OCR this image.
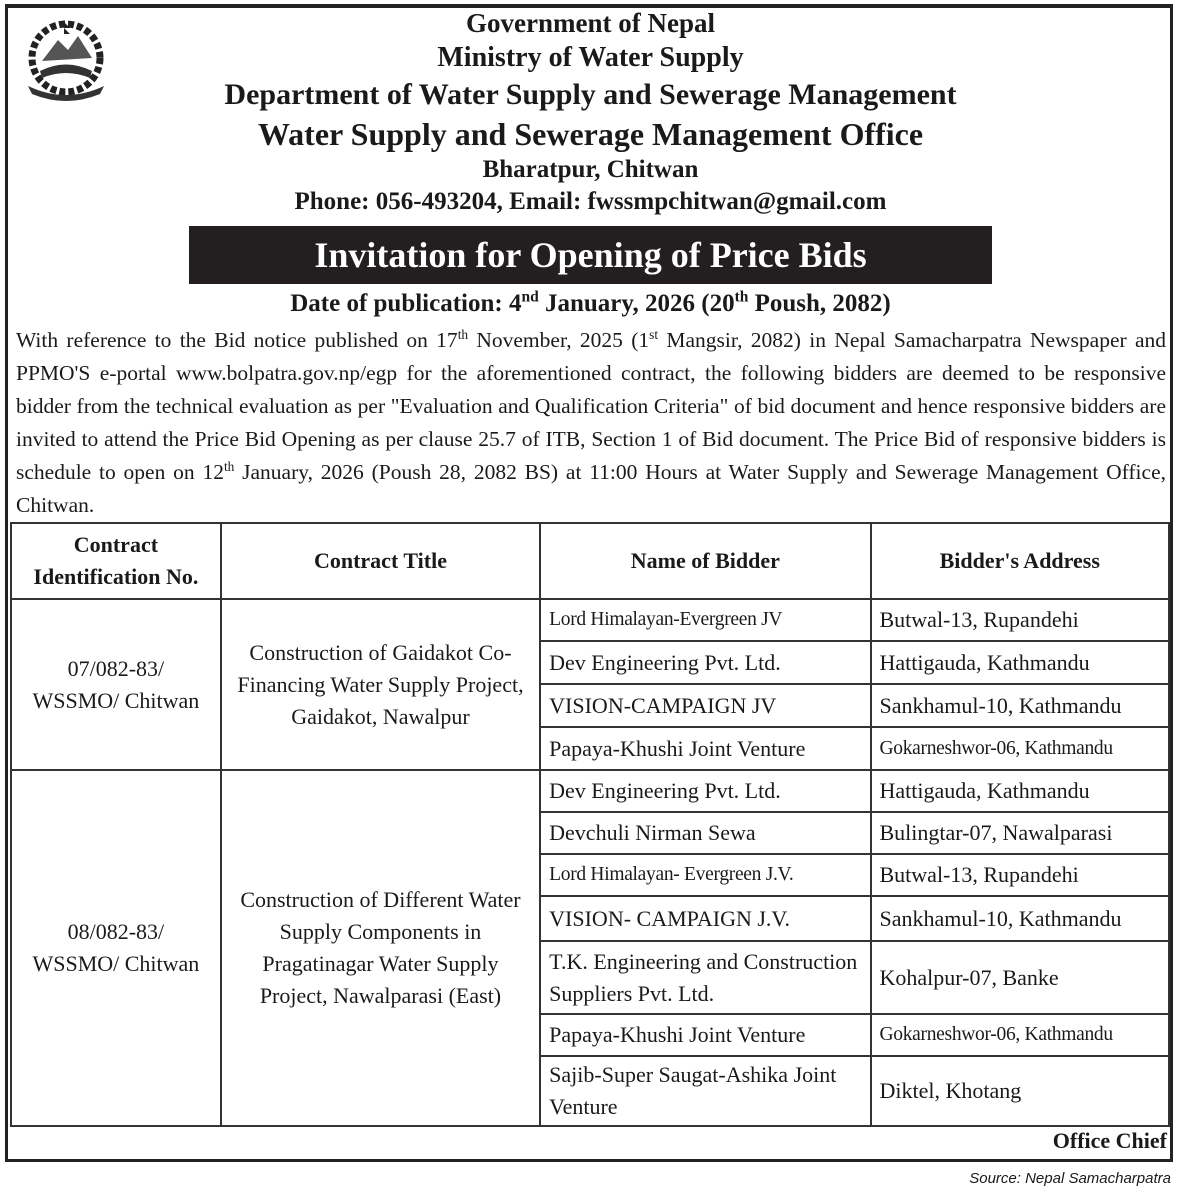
Government of Nepal
Ministry of Water Supply
Department of Water Supply and Sewerage Management
Water Supply and Sewerage Management Office
Bharatpur, Chitwan
Phone: 056-493204, Email: fwssmpchitwan@gmail.com
Invitation for Opening of Price Bids
Date of publication: 4nd January, 2026 (20th Poush, 2082)
With reference to the Bid notice published on 17th November, 2025 (1st Mangsir, 2082) in Nepal Samacharpatra Newspaper and PPMO'S e-portal www.bolpatra.gov.np/egp for the aforementioned contract, the following bidders are deemed to be responsive bidder from the technical evaluation as per "Evaluation and Qualification Criteria" of bid document and hence responsive bidders are invited to attend the Price Bid Opening as per clause 25.7 of ITB, Section 1 of Bid document. The Price Bid of responsive bidders is schedule to open on 12th January, 2026 (Poush 28, 2082 BS) at 11:00 Hours at Water Supply and Sewerage Management Office, Chitwan.
Contract Identification No.	Contract Title	Name of Bidder	Bidder's Address
07/082-83/ WSSMO/ Chitwan	Construction of Gaidakot Co-Financing Water Supply Project, Gaidakot, Nawalpur	Lord Himalayan-Evergreen JV	Butwal-13, Rupandehi
		Dev Engineering Pvt. Ltd.	Hattigauda, Kathmandu
		VISION-CAMPAIGN JV	Sankhamul-10, Kathmandu
		Papaya-Khushi Joint Venture	Gokarneshwor-06, Kathmandu
08/082-83/ WSSMO/ Chitwan	Construction of Different Water Supply Components in Pragatinagar Water Supply Project, Nawalparasi (East)	Dev Engineering Pvt. Ltd.	Hattigauda, Kathmandu
		Devchuli Nirman Sewa	Bulingtar-07, Nawalparasi
		Lord Himalayan- Evergreen J.V.	Butwal-13, Rupandehi
		VISION- CAMPAIGN J.V.	Sankhamul-10, Kathmandu
		T.K. Engineering and Construction Suppliers Pvt. Ltd.	Kohalpur-07, Banke
		Papaya-Khushi Joint Venture	Gokarneshwor-06, Kathmandu
		Sajib-Super Saugat-Ashika Joint Venture	Diktel, Khotang
Office Chief
Source: Nepal Samacharpatra
